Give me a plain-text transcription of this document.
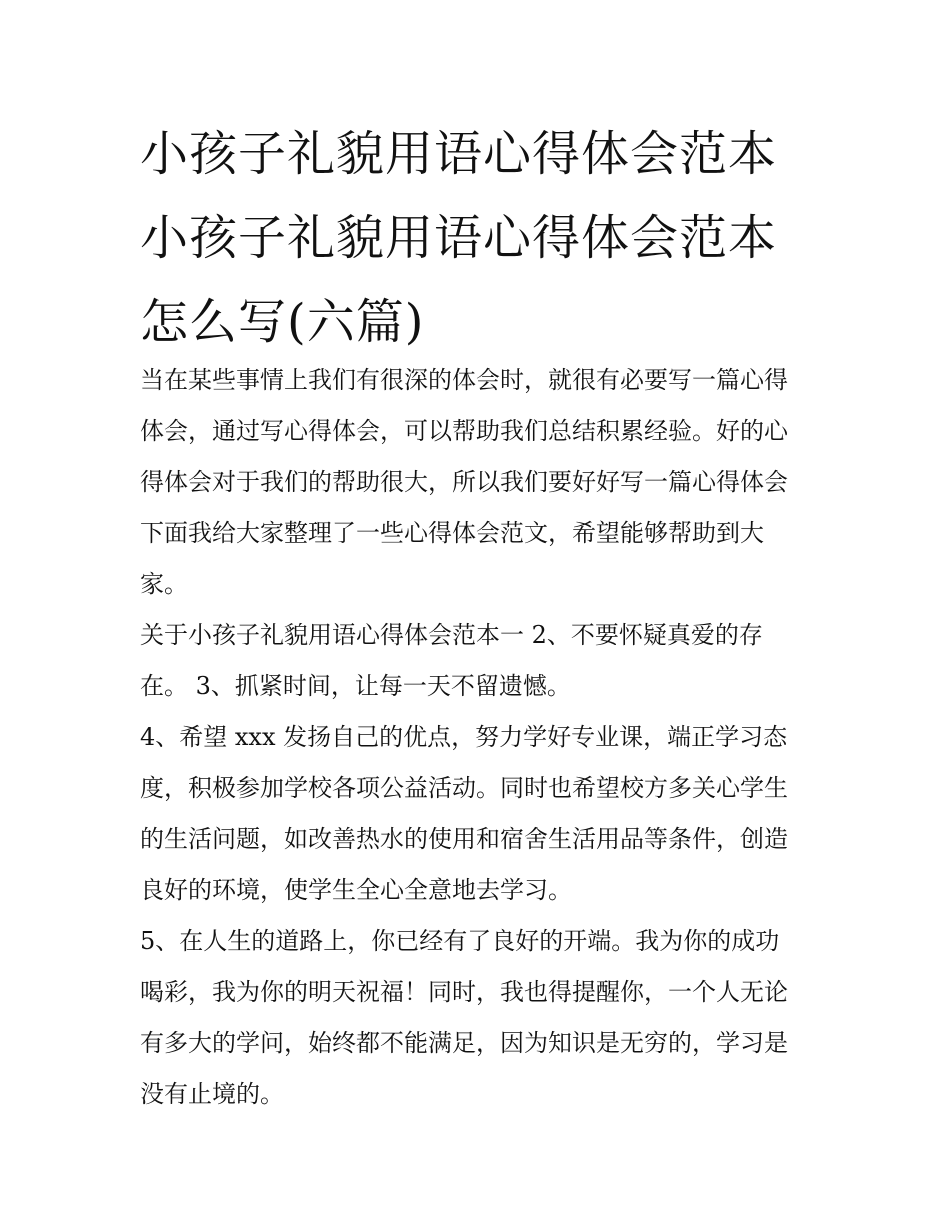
小孩子礼貌用语心得体会范本
小孩子礼貌用语心得体会范本
怎么写(六篇)
当在某些事情上我们有很深的体会时，就很有必要写一篇心得
体会，通过写心得体会，可以帮助我们总结积累经验。好的心
得体会对于我们的帮助很大，所以我们要好好写一篇心得体会
下面我给大家整理了一些心得体会范文，希望能够帮助到大
家。
关于小孩子礼貌用语心得体会范本一 2、不要怀疑真爱的存
在。 3、抓紧时间，让每一天不留遗憾。
4、希望 xxx 发扬自己的优点，努力学好专业课，端正学习态
度，积极参加学校各项公益活动。同时也希望校方多关心学生
的生活问题，如改善热水的使用和宿舍生活用品等条件，创造
良好的环境，使学生全心全意地去学习。
5、在人生的道路上，你已经有了良好的开端。我为你的成功
喝彩，我为你的明天祝福！同时，我也得提醒你，一个人无论
有多大的学问，始终都不能满足，因为知识是无穷的，学习是
没有止境的。
